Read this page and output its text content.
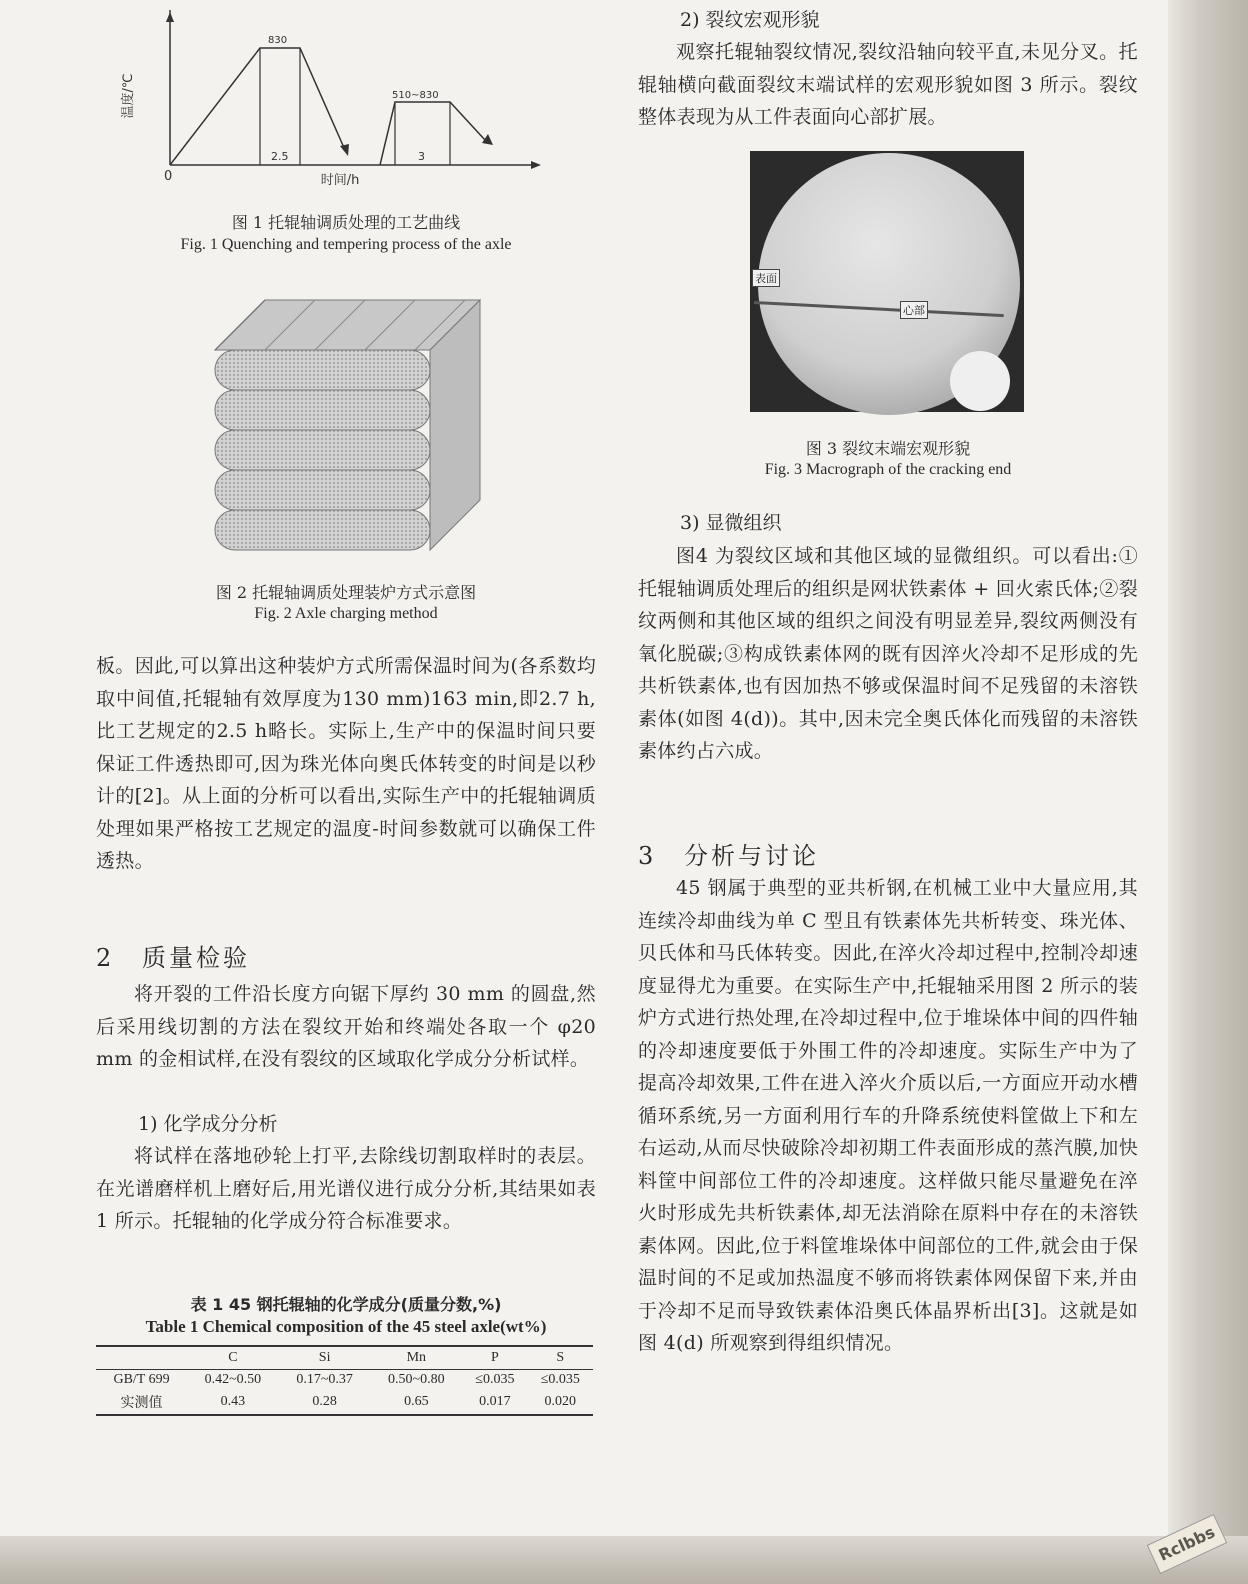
温度/℃
时间/h
0
830
510~830
2.5	3
图 1 托辊轴调质处理的工艺曲线
Fig. 1 Quenching and tempering process of the axle
图 2 托辊轴调质处理装炉方式示意图
Fig. 2 Axle charging method

板。因此,可以算出这种装炉方式所需保温时间为(各系数均取中间值,托辊轴有效厚度为130 mm)163 min,即2.7 h,比工艺规定的2.5 h略长。实际上,生产中的保温时间只要保证工件透热即可,因为珠光体向奥氏体转变的时间是以秒计的[2]。从上面的分析可以看出,实际生产中的托辊轴调质处理如果严格按工艺规定的温度-时间参数就可以确保工件透热。

2 质量检验

将开裂的工件沿长度方向锯下厚约 30 mm 的圆盘,然后采用线切割的方法在裂纹开始和终端处各取一个 φ20 mm 的金相试样,在没有裂纹的区域取化学成分分析试样。

1) 化学成分分析

将试样在落地砂轮上打平,去除线切割取样时的表层。在光谱磨样机上磨好后,用光谱仪进行成分分析,其结果如表1 所示。托辊轴的化学成分符合标准要求。

表 1 45 钢托辊轴的化学成分(质量分数,%)
Table 1 Chemical composition of the 45 steel axle(wt%)
	C	Si	Mn	P	S
GB/T 699	0.42~0.50	0.17~0.37	0.50~0.80	≤0.035	≤0.035
实测值	0.43	0.28	0.65	0.017	0.020
2) 裂纹宏观形貌

观察托辊轴裂纹情况,裂纹沿轴向较平直,未见分叉。托辊轴横向截面裂纹末端试样的宏观形貌如图 3 所示。裂纹整体表现为从工件表面向心部扩展。

表面
心部
图 3 裂纹末端宏观形貌
Fig. 3 Macrograph of the cracking end
3) 显微组织

图4 为裂纹区域和其他区域的显微组织。可以看出:①托辊轴调质处理后的组织是网状铁素体 + 回火索氏体;②裂纹两侧和其他区域的组织之间没有明显差异,裂纹两侧没有氧化脱碳;③构成铁素体网的既有因淬火冷却不足形成的先共析铁素体,也有因加热不够或保温时间不足残留的未溶铁素体(如图 4(d))。其中,因未完全奥氏体化而残留的未溶铁素体约占六成。

3 分析与讨论

45 钢属于典型的亚共析钢,在机械工业中大量应用,其连续冷却曲线为单 C 型且有铁素体先共析转变、珠光体、贝氏体和马氏体转变。因此,在淬火冷却过程中,控制冷却速度显得尤为重要。在实际生产中,托辊轴采用图 2 所示的装炉方式进行热处理,在冷却过程中,位于堆垛体中间的四件轴的冷却速度要低于外围工件的冷却速度。实际生产中为了提高冷却效果,工件在进入淬火介质以后,一方面应开动水槽循环系统,另一方面利用行车的升降系统使料筐做上下和左右运动,从而尽快破除冷却初期工件表面形成的蒸汽膜,加快料筐中间部位工件的冷却速度。这样做只能尽量避免在淬火时形成先共析铁素体,却无法消除在原料中存在的未溶铁素体网。因此,位于料筐堆垛体中间部位的工件,就会由于保温时间的不足或加热温度不够而将铁素体网保留下来,并由于冷却不足而导致铁素体沿奥氏体晶界析出[3]。这就是如图 4(d) 所观察到得组织情况。

Rclbbs
